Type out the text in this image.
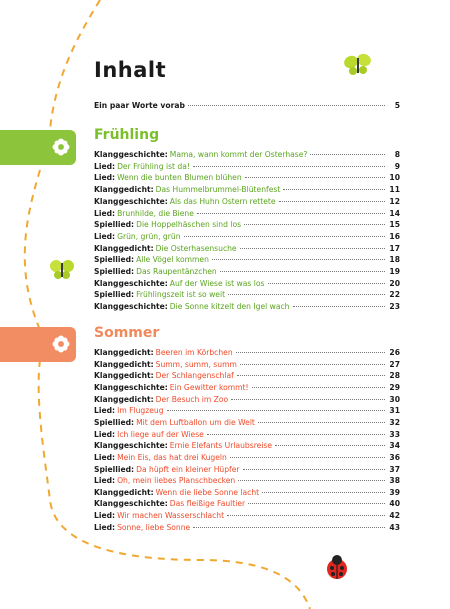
Inhalt
Ein paar Worte vorab	5
Frühling
Sommer
Klanggeschichte: Mama, wann kommt der Osterhase?	8
Lied: Der Frühling ist da!	9
Lied: Wenn die bunten Blumen blühen	10
Klanggedicht: Das Hummelbrummel-Blütenfest	11
Klanggeschichte: Als das Huhn Ostern rettete	12
Lied: Brunhilde, die Biene	14
Spiellied: Die Hoppelhäschen sind los	15
Lied: Grün, grün, grün	16
Klanggedicht: Die Osterhasensuche	17
Spiellied: Alle Vögel kommen	18
Spiellied: Das Raupentänzchen	19
Klanggeschichte: Auf der Wiese ist was los	20
Spiellied: Frühlingszeit ist so weit	22
Klanggeschichte: Die Sonne kitzelt den Igel wach	23
Klanggedicht: Beeren im Körbchen	26
Klanggedicht: Summ, summ, summ	27
Klanggedicht: Der Schlangenschlaf	28
Klanggeschichte: Ein Gewitter kommt!	29
Klanggedicht: Der Besuch im Zoo	30
Lied: Im Flugzeug	31
Spiellied: Mit dem Luftballon um die Welt	32
Lied: Ich liege auf der Wiese	33
Klanggeschichte: Ernie Elefants Urlaubsreise	34
Lied: Mein Eis, das hat drei Kugeln	36
Spiellied: Da hüpft ein kleiner Hüpfer	37
Lied: Oh, mein liebes Planschbecken	38
Klanggedicht: Wenn die liebe Sonne lacht	39
Klanggeschichte: Das fleißige Faultier	40
Lied: Wir machen Wasserschlacht	42
Lied: Sonne, liebe Sonne	43
